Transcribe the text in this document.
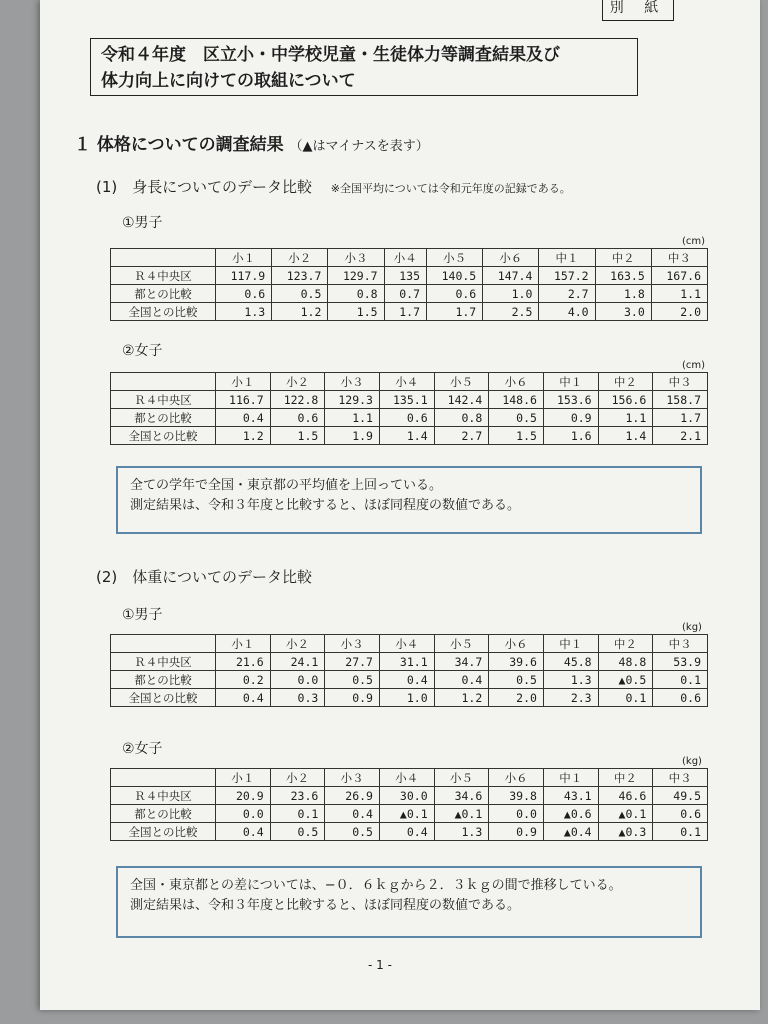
別 紙
令和４年度　区立小・中学校児童・生徒体力等調査結果及び
体力向上に向けての取組について
１ 体格についての調査結果 （▲はマイナスを表す）
(1)　身長についてのデータ比較 ※全国平均については令和元年度の記録である。
①男子
(cm)
	小１	小２	小３	小４	小５	小６	中１	中２	中３
Ｒ４中央区	117.9	123.7	129.7	135	140.5	147.4	157.2	163.5	167.6
都との比較	0.6	0.5	0.8	0.7	0.6	1.0	2.7	1.8	1.1
全国との比較	1.3	1.2	1.5	1.7	1.7	2.5	4.0	3.0	2.0
②女子
(cm)
	小１	小２	小３	小４	小５	小６	中１	中２	中３
Ｒ４中央区	116.7	122.8	129.3	135.1	142.4	148.6	153.6	156.6	158.7
都との比較	0.4	0.6	1.1	0.6	0.8	0.5	0.9	1.1	1.7
全国との比較	1.2	1.5	1.9	1.4	2.7	1.5	1.6	1.4	2.1
全ての学年で全国・東京都の平均値を上回っている。
測定結果は、令和３年度と比較すると、ほぼ同程度の数値である。
(2)　体重についてのデータ比較
①男子
(kg)
	小１	小２	小３	小４	小５	小６	中１	中２	中３
Ｒ４中央区	21.6	24.1	27.7	31.1	34.7	39.6	45.8	48.8	53.9
都との比較	0.2	0.0	0.5	0.4	0.4	0.5	1.3	▲0.5	0.1
全国との比較	0.4	0.3	0.9	1.0	1.2	2.0	2.3	0.1	0.6
②女子
(kg)
	小１	小２	小３	小４	小５	小６	中１	中２	中３
Ｒ４中央区	20.9	23.6	26.9	30.0	34.6	39.8	43.1	46.6	49.5
都との比較	0.0	0.1	0.4	▲0.1	▲0.1	0.0	▲0.6	▲0.1	0.6
全国との比較	0.4	0.5	0.5	0.4	1.3	0.9	▲0.4	▲0.3	0.1
全国・東京都との差については、−０．６ｋｇから２．３ｋｇの間で推移している。
測定結果は、令和３年度と比較すると、ほぼ同程度の数値である。
- 1 -
